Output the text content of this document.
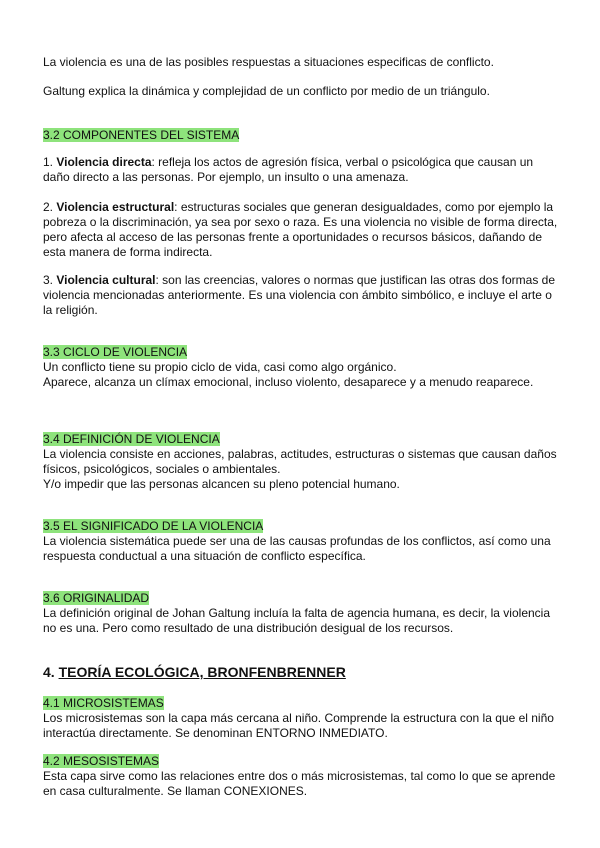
La violencia es una de las posibles respuestas a situaciones especificas de conflicto.

Galtung explica la dinámica y complejidad de un conflicto por medio de un triángulo.

3.2 COMPONENTES DEL SISTEMA

1. Violencia directa: refleja los actos de agresión física, verbal o psicológica que causan un daño directo a las personas. Por ejemplo, un insulto o una amenaza.

2. Violencia estructural: estructuras sociales que generan desigualdades, como por ejemplo la pobreza o la discriminación, ya sea por sexo o raza. Es una violencia no visible de forma directa, pero afecta al acceso de las personas frente a oportunidades o recursos básicos, dañando de esta manera de forma indirecta.

3. Violencia cultural: son las creencias, valores o normas que justifican las otras dos formas de violencia mencionadas anteriormente. Es una violencia con ámbito simbólico, e incluye el arte o la religión.

3.3 CICLO DE VIOLENCIA

Un conflicto tiene su propio ciclo de vida, casi como algo orgánico.

Aparece, alcanza un clímax emocional, incluso violento, desaparece y a menudo reaparece.

3.4 DEFINICIÓN DE VIOLENCIA

La violencia consiste en acciones, palabras, actitudes, estructuras o sistemas que causan daños físicos, psicológicos, sociales o ambientales.

Y/o impedir que las personas alcancen su pleno potencial humano.

3.5 EL SIGNIFICADO DE LA VIOLENCIA

La violencia sistemática puede ser una de las causas profundas de los conflictos, así como una respuesta conductual a una situación de conflicto específica.

3.6 ORIGINALIDAD

La definición original de Johan Galtung incluía la falta de agencia humana, es decir, la violencia no es una. Pero como resultado de una distribución desigual de los recursos.

4. TEORÍA ECOLÓGICA, BRONFENBRENNER

4.1 MICROSISTEMAS

Los microsistemas son la capa más cercana al niño. Comprende la estructura con la que el niño interactúa directamente. Se denominan ENTORNO INMEDIATO.

4.2 MESOSISTEMAS

Esta capa sirve como las relaciones entre dos o más microsistemas, tal como lo que se aprende en casa culturalmente. Se llaman CONEXIONES.
